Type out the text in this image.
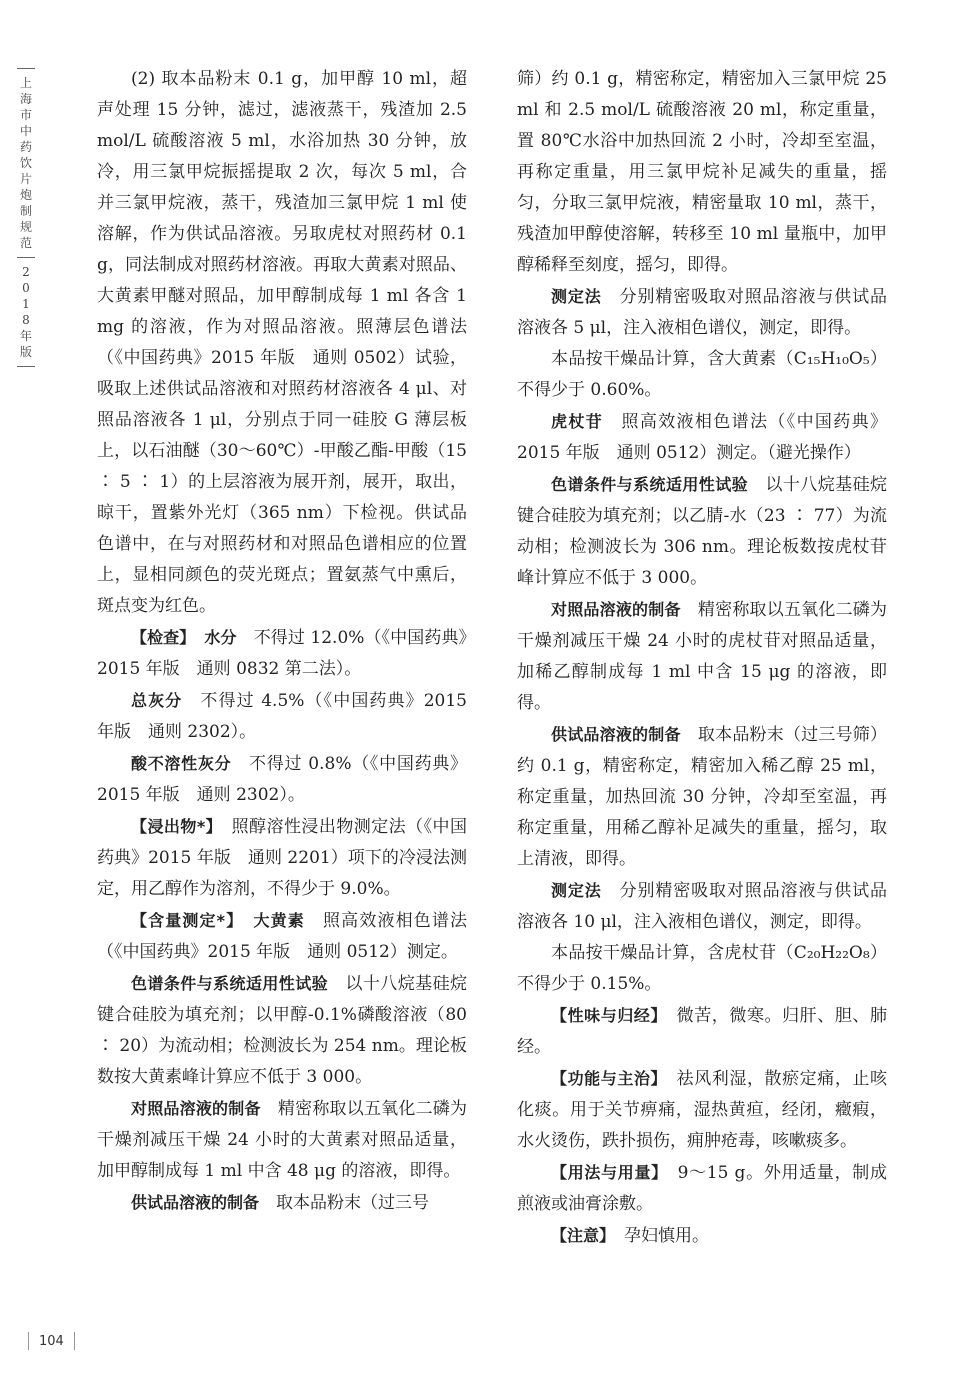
上
海
市
中
药
饮
片
炮
制
规
范
2
0
1
8
年
版

(2) 取本品粉末 0.1 g，加甲醇 10 ml，超声处理 15 分钟，滤过，滤液蒸干，残渣加 2.5 mol/L 硫酸溶液 5 ml，水浴加热 30 分钟，放冷，用三氯甲烷振摇提取 2 次，每次 5 ml，合并三氯甲烷液，蒸干，残渣加三氯甲烷 1 ml 使溶解，作为供试品溶液。另取虎杖对照药材 0.1 g，同法制成对照药材溶液。再取大黄素对照品、大黄素甲醚对照品，加甲醇制成每 1 ml 各含 1 mg 的溶液，作为对照品溶液。照薄层色谱法（《中国药典》2015 年版　通则 0502）试验，吸取上述供试品溶液和对照药材溶液各 4 μl、对照品溶液各 1 μl，分别点于同一硅胶 G 薄层板上，以石油醚（30～60℃）-甲酸乙酯-甲酸（15 ∶ 5 ∶ 1）的上层溶液为展开剂，展开，取出，晾干，置紫外光灯（365 nm）下检视。供试品色谱中，在与对照药材和对照品色谱相应的位置上，显相同颜色的荧光斑点；置氨蒸气中熏后，斑点变为红色。

【检查】　 水分　 不得过 12.0%（《中国药典》2015 年版　通则 0832 第二法）。

总灰分　 不得过 4.5%（《中国药典》2015 年版　通则 2302）。

酸不溶性灰分　 不得过 0.8%（《中国药典》2015 年版　通则 2302）。

【浸出物*】　 照醇溶性浸出物测定法（《中国药典》2015 年版　通则 2201）项下的冷浸法测定，用乙醇作为溶剂，不得少于 9.0%。

【含量测定*】　 大黄素　 照高效液相色谱法（《中国药典》2015 年版　通则 0512）测定。

色谱条件与系统适用性试验　 以十八烷基硅烷键合硅胶为填充剂；以甲醇-0.1%磷酸溶液（80 ∶ 20）为流动相；检测波长为 254 nm。理论板数按大黄素峰计算应不低于 3 000。

对照品溶液的制备　 精密称取以五氧化二磷为干燥剂减压干燥 24 小时的大黄素对照品适量，加甲醇制成每 1 ml 中含 48 μg 的溶液，即得。

供试品溶液的制备　 取本品粉末（过三号

筛）约 0.1 g，精密称定，精密加入三氯甲烷 25 ml 和 2.5 mol/L 硫酸溶液 20 ml，称定重量，置 80℃水浴中加热回流 2 小时，冷却至室温，再称定重量，用三氯甲烷补足减失的重量，摇匀，分取三氯甲烷液，精密量取 10 ml，蒸干，残渣加甲醇使溶解，转移至 10 ml 量瓶中，加甲醇稀释至刻度，摇匀，即得。

测定法　 分别精密吸取对照品溶液与供试品溶液各 5 μl，注入液相色谱仪，测定，即得。

本品按干燥品计算，含大黄素（C₁₅H₁₀O₅）不得少于 0.60%。

虎杖苷　 照高效液相色谱法（《中国药典》2015 年版　通则 0512）测定。（避光操作）

色谱条件与系统适用性试验　 以十八烷基硅烷键合硅胶为填充剂；以乙腈-水（23 ∶ 77）为流动相；检测波长为 306 nm。理论板数按虎杖苷峰计算应不低于 3 000。

对照品溶液的制备　 精密称取以五氧化二磷为干燥剂减压干燥 24 小时的虎杖苷对照品适量，加稀乙醇制成每 1 ml 中含 15 μg 的溶液，即得。

供试品溶液的制备　 取本品粉末（过三号筛）约 0.1 g，精密称定，精密加入稀乙醇 25 ml，称定重量，加热回流 30 分钟，冷却至室温，再称定重量，用稀乙醇补足减失的重量，摇匀，取上清液，即得。

测定法　 分别精密吸取对照品溶液与供试品溶液各 10 μl，注入液相色谱仪，测定，即得。

本品按干燥品计算，含虎杖苷（C₂₀H₂₂O₈）不得少于 0.15%。

【性味与归经】　 微苦，微寒。归肝、胆、肺经。

【功能与主治】　 祛风利湿，散瘀定痛，止咳化痰。用于关节痹痛，湿热黄疸，经闭，癥瘕，水火烫伤，跌扑损伤，痈肿疮毒，咳嗽痰多。

【用法与用量】　 9～15 g。外用适量，制成煎液或油膏涂敷。

【注意】　 孕妇慎用。

104
